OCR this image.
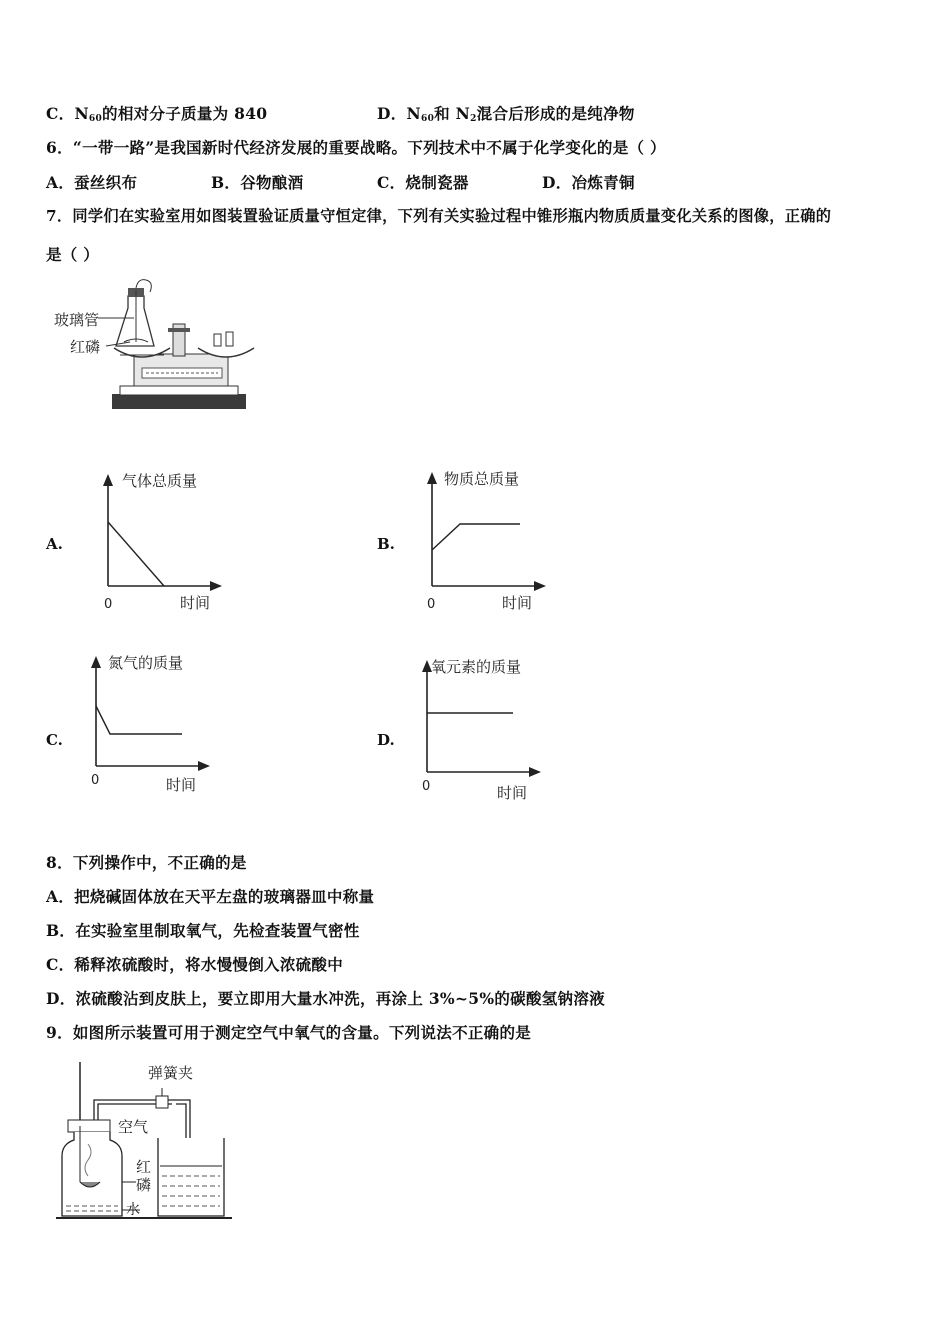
C．$N_{60}$的相对分子质量为 840	D．$N_{60}$和 $N_2$混合后形成的是纯净物
6．“一带一路”是我国新时代经济发展的重要战略。下列技术中不属于化学变化的是（ ）
A．蚕丝织布	B．谷物酿酒	C．烧制瓷器	D．冶炼青铜
7．同学们在实验室用如图装置验证质量守恒定律，下列有关实验过程中锥形瓶内物质质量变化关系的图像，正确的
是（ ）
玻璃管
红磷
A.
气体总质量
0	时间
B.
物质总质量
0	时间
C.
氮气的质量
0	时间
D.
氧元素的质量
0	时间
8．下列操作中，不正确的是
A．把烧碱固体放在天平左盘的玻璃器皿中称量
B．在实验室里制取氧气，先检查装置气密性
C．稀释浓硫酸时，将水慢慢倒入浓硫酸中
D．浓硫酸沾到皮肤上，要立即用大量水冲洗，再涂上 3%~5%的碳酸氢钠溶液
9．如图所示装置可用于测定空气中氧气的含量。下列说法不正确的是
弹簧夹
空气
红
磷
水
